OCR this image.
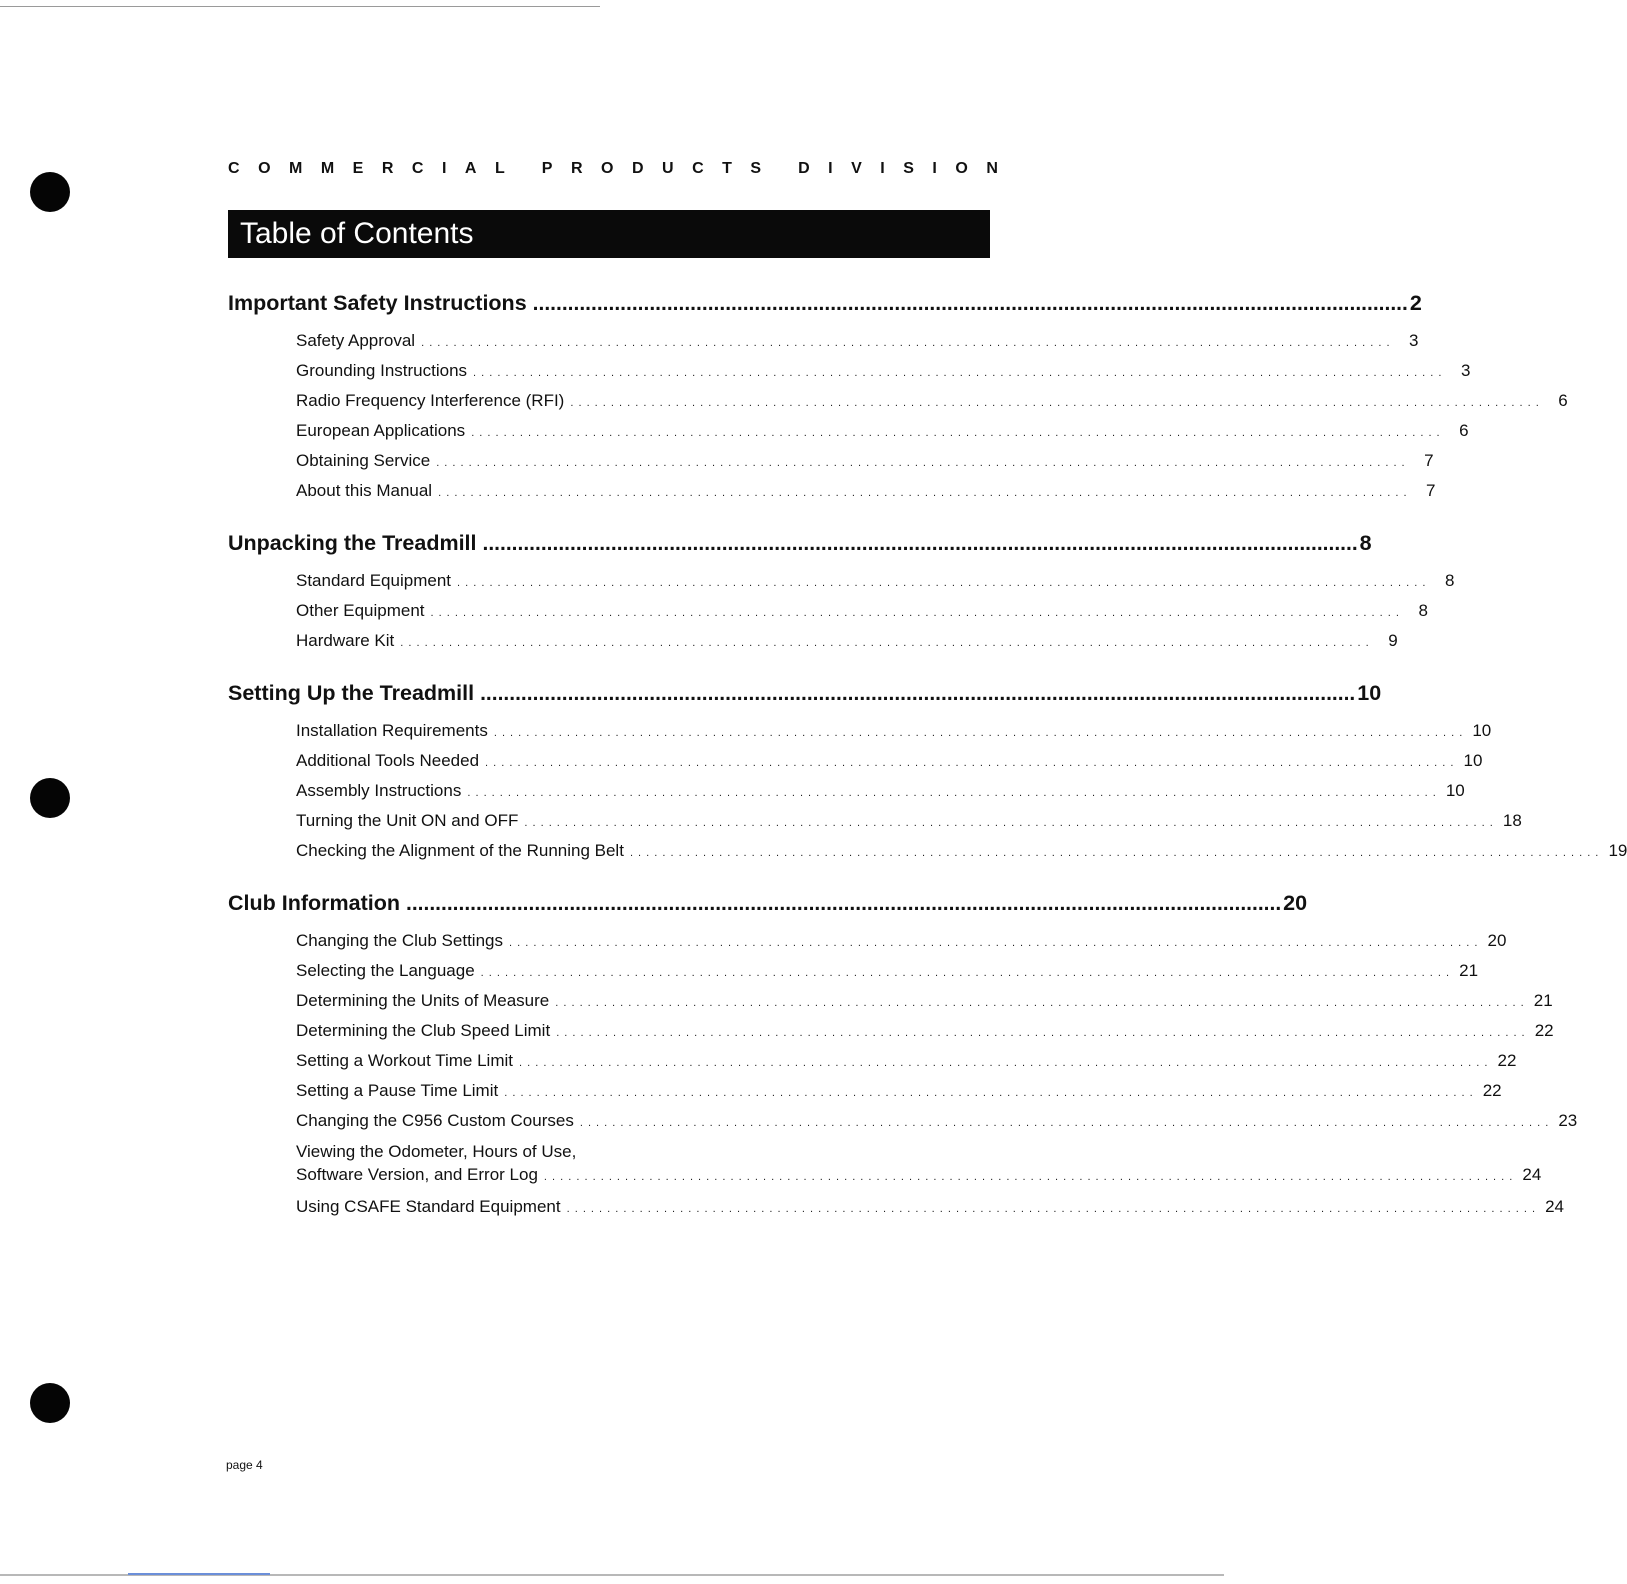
C O M M E R C I A L P R O D U C T S D I V I S I O N
Table of Contents
Important Safety Instructions ...................................................................................................................................................... 2
Safety Approval . . . . . . . . . . . . . . . . . . . . . . . . . . . . . . . . . . . . . . . . . . . . . . . . . . . . . . . . . . . . . . . . . . . . . . . . . . . . . . . . . . . . . . . . . . . . . . . . . . . . . . . . . . . . . . . . . . . . . . . .	3
Grounding Instructions . . . . . . . . . . . . . . . . . . . . . . . . . . . . . . . . . . . . . . . . . . . . . . . . . . . . . . . . . . . . . . . . . . . . . . . . . . . . . . . . . . . . . . . . . . . . . . . . . . . . . . . . . . . . . . . . . . . . . . . .	3
Radio Frequency Interference (RFI) . . . . . . . . . . . . . . . . . . . . . . . . . . . . . . . . . . . . . . . . . . . . . . . . . . . . . . . . . . . . . . . . . . . . . . . . . . . . . . . . . . . . . . . . . . . . . . . . . . . . . . . . . . . . . . . . . . . . . . . .	6
European Applications . . . . . . . . . . . . . . . . . . . . . . . . . . . . . . . . . . . . . . . . . . . . . . . . . . . . . . . . . . . . . . . . . . . . . . . . . . . . . . . . . . . . . . . . . . . . . . . . . . . . . . . . . . . . . . . . . . . . . . . .	6
Obtaining Service . . . . . . . . . . . . . . . . . . . . . . . . . . . . . . . . . . . . . . . . . . . . . . . . . . . . . . . . . . . . . . . . . . . . . . . . . . . . . . . . . . . . . . . . . . . . . . . . . . . . . . . . . . . . . . . . . . . . . . . .	7
About this Manual . . . . . . . . . . . . . . . . . . . . . . . . . . . . . . . . . . . . . . . . . . . . . . . . . . . . . . . . . . . . . . . . . . . . . . . . . . . . . . . . . . . . . . . . . . . . . . . . . . . . . . . . . . . . . . . . . . . . . . . .	7
Unpacking the Treadmill ...................................................................................................................................................... 8
Standard Equipment . . . . . . . . . . . . . . . . . . . . . . . . . . . . . . . . . . . . . . . . . . . . . . . . . . . . . . . . . . . . . . . . . . . . . . . . . . . . . . . . . . . . . . . . . . . . . . . . . . . . . . . . . . . . . . . . . . . . . . . .	8
Other Equipment . . . . . . . . . . . . . . . . . . . . . . . . . . . . . . . . . . . . . . . . . . . . . . . . . . . . . . . . . . . . . . . . . . . . . . . . . . . . . . . . . . . . . . . . . . . . . . . . . . . . . . . . . . . . . . . . . . . . . . . .	8
Hardware Kit . . . . . . . . . . . . . . . . . . . . . . . . . . . . . . . . . . . . . . . . . . . . . . . . . . . . . . . . . . . . . . . . . . . . . . . . . . . . . . . . . . . . . . . . . . . . . . . . . . . . . . . . . . . . . . . . . . . . . . . .	9
Setting Up the Treadmill ...................................................................................................................................................... 10
Installation Requirements . . . . . . . . . . . . . . . . . . . . . . . . . . . . . . . . . . . . . . . . . . . . . . . . . . . . . . . . . . . . . . . . . . . . . . . . . . . . . . . . . . . . . . . . . . . . . . . . . . . . . . . . . . . . . . . . . . . . . . . . 10
Additional Tools Needed . . . . . . . . . . . . . . . . . . . . . . . . . . . . . . . . . . . . . . . . . . . . . . . . . . . . . . . . . . . . . . . . . . . . . . . . . . . . . . . . . . . . . . . . . . . . . . . . . . . . . . . . . . . . . . . . . . . . . . . . 10
Assembly Instructions . . . . . . . . . . . . . . . . . . . . . . . . . . . . . . . . . . . . . . . . . . . . . . . . . . . . . . . . . . . . . . . . . . . . . . . . . . . . . . . . . . . . . . . . . . . . . . . . . . . . . . . . . . . . . . . . . . . . . . . . 10
Turning the Unit ON and OFF . . . . . . . . . . . . . . . . . . . . . . . . . . . . . . . . . . . . . . . . . . . . . . . . . . . . . . . . . . . . . . . . . . . . . . . . . . . . . . . . . . . . . . . . . . . . . . . . . . . . . . . . . . . . . . . . . . . . . . . . 18
Checking the Alignment of the Running Belt . . . . . . . . . . . . . . . . . . . . . . . . . . . . . . . . . . . . . . . . . . . . . . . . . . . . . . . . . . . . . . . . . . . . . . . . . . . . . . . . . . . . . . . . . . . . . . . . . . . . . . . . . . . . . . . . . . . . . . . . 19
Club Information ...................................................................................................................................................... 20
Changing the Club Settings . . . . . . . . . . . . . . . . . . . . . . . . . . . . . . . . . . . . . . . . . . . . . . . . . . . . . . . . . . . . . . . . . . . . . . . . . . . . . . . . . . . . . . . . . . . . . . . . . . . . . . . . . . . . . . . . . . . . . . . . 20
Selecting the Language . . . . . . . . . . . . . . . . . . . . . . . . . . . . . . . . . . . . . . . . . . . . . . . . . . . . . . . . . . . . . . . . . . . . . . . . . . . . . . . . . . . . . . . . . . . . . . . . . . . . . . . . . . . . . . . . . . . . . . . . 21
Determining the Units of Measure . . . . . . . . . . . . . . . . . . . . . . . . . . . . . . . . . . . . . . . . . . . . . . . . . . . . . . . . . . . . . . . . . . . . . . . . . . . . . . . . . . . . . . . . . . . . . . . . . . . . . . . . . . . . . . . . . . . . . . . . 21
Determining the Club Speed Limit . . . . . . . . . . . . . . . . . . . . . . . . . . . . . . . . . . . . . . . . . . . . . . . . . . . . . . . . . . . . . . . . . . . . . . . . . . . . . . . . . . . . . . . . . . . . . . . . . . . . . . . . . . . . . . . . . . . . . . . . 22
Setting a Workout Time Limit . . . . . . . . . . . . . . . . . . . . . . . . . . . . . . . . . . . . . . . . . . . . . . . . . . . . . . . . . . . . . . . . . . . . . . . . . . . . . . . . . . . . . . . . . . . . . . . . . . . . . . . . . . . . . . . . . . . . . . . . 22
Setting a Pause Time Limit . . . . . . . . . . . . . . . . . . . . . . . . . . . . . . . . . . . . . . . . . . . . . . . . . . . . . . . . . . . . . . . . . . . . . . . . . . . . . . . . . . . . . . . . . . . . . . . . . . . . . . . . . . . . . . . . . . . . . . . . 22
Changing the C956 Custom Courses . . . . . . . . . . . . . . . . . . . . . . . . . . . . . . . . . . . . . . . . . . . . . . . . . . . . . . . . . . . . . . . . . . . . . . . . . . . . . . . . . . . . . . . . . . . . . . . . . . . . . . . . . . . . . . . . . . . . . . . . 23
Viewing the Odometer, Hours of Use,
Software Version, and Error Log . . . . . . . . . . . . . . . . . . . . . . . . . . . . . . . . . . . . . . . . . . . . . . . . . . . . . . . . . . . . . . . . . . . . . . . . . . . . . . . . . . . . . . . . . . . . . . . . . . . . . . . . . . . . . . . . . . . . . . . . 24
Using CSAFE Standard Equipment . . . . . . . . . . . . . . . . . . . . . . . . . . . . . . . . . . . . . . . . . . . . . . . . . . . . . . . . . . . . . . . . . . . . . . . . . . . . . . . . . . . . . . . . . . . . . . . . . . . . . . . . . . . . . . . . . . . . . . . . 24
page 4
